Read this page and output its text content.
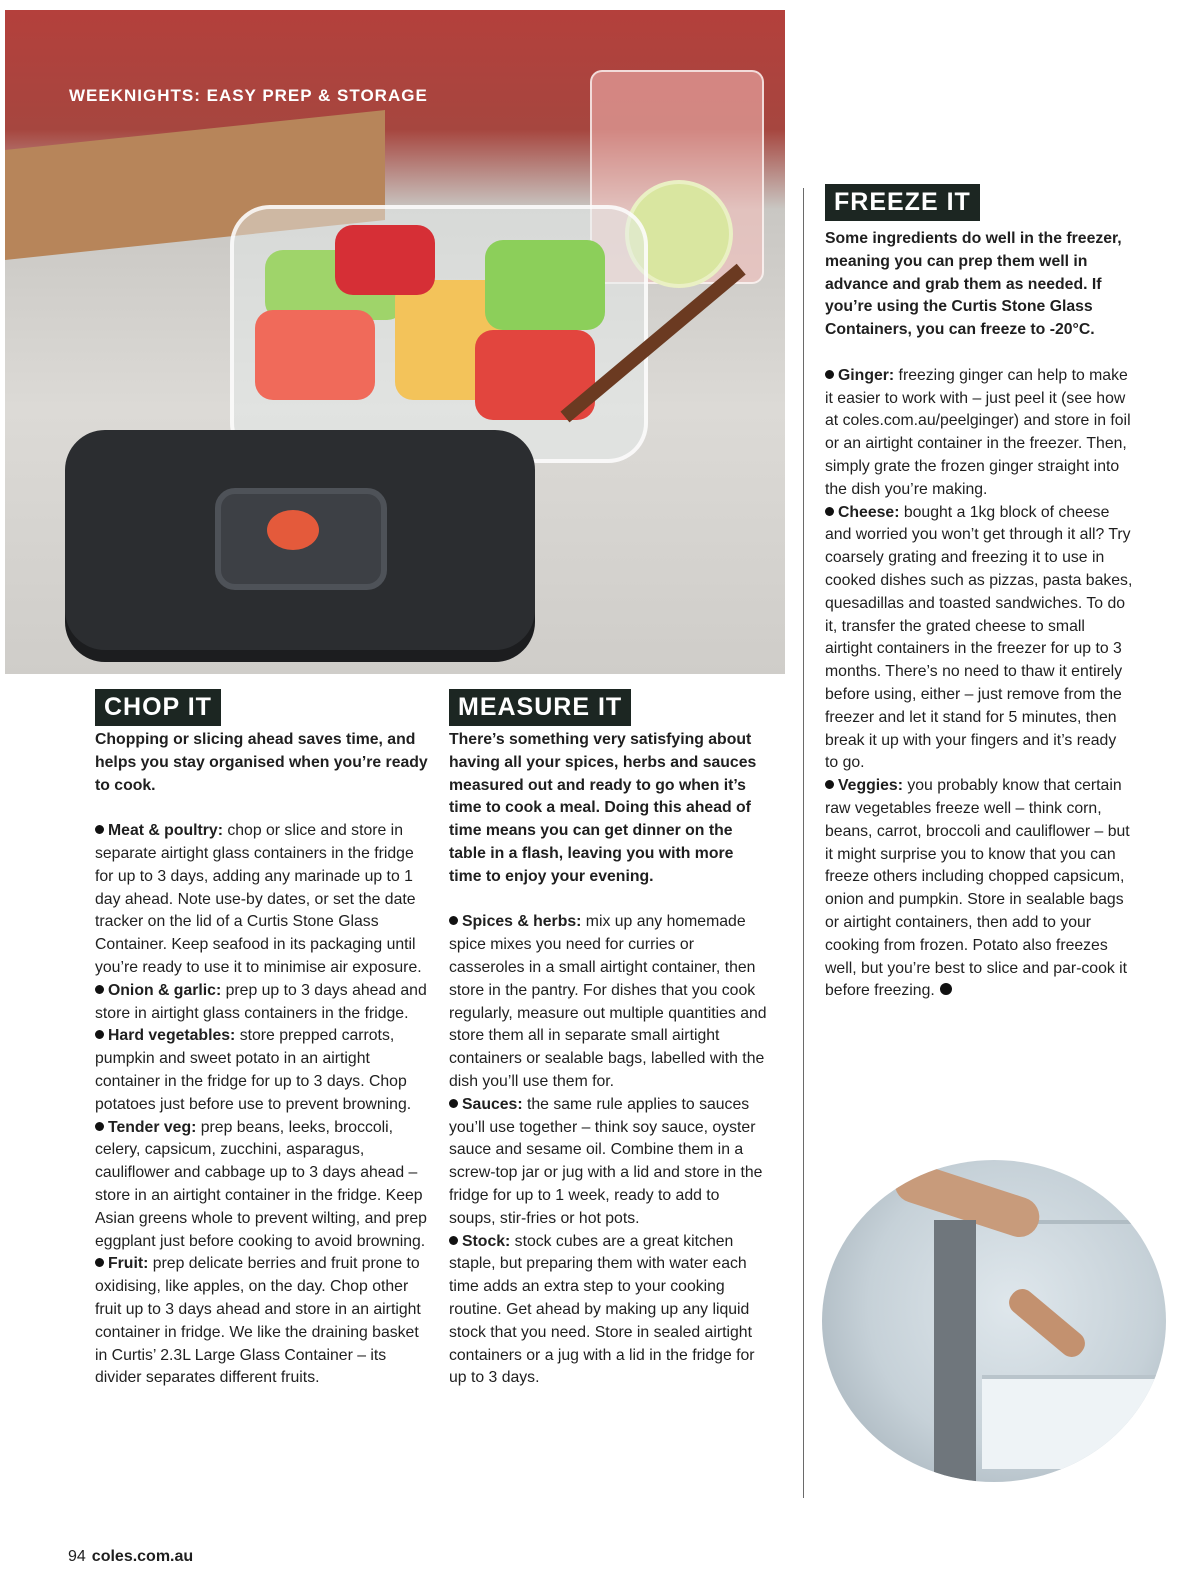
WEEKNIGHTS: EASY PREP & STORAGE

CHOP IT

Chopping or slicing ahead saves time, and helps you stay organised when you’re ready to cook.

Meat & poultry: chop or slice and store in separate airtight glass containers in the fridge for up to 3 days, adding any marinade up to 1 day ahead. Note use-by dates, or set the date tracker on the lid of a Curtis Stone Glass Container. Keep seafood in its packaging until you’re ready to use it to minimise air exposure.

Onion & garlic: prep up to 3 days ahead and store in airtight glass containers in the fridge.

Hard vegetables: store prepped carrots, pumpkin and sweet potato in an airtight container in the fridge for up to 3 days. Chop potatoes just before use to prevent browning.

Tender veg: prep beans, leeks, broccoli, celery, capsicum, zucchini, asparagus, cauliflower and cabbage up to 3 days ahead – store in an airtight container in the fridge. Keep Asian greens whole to prevent wilting, and prep eggplant just before cooking to avoid browning.

Fruit: prep delicate berries and fruit prone to oxidising, like apples, on the day. Chop other fruit up to 3 days ahead and store in an airtight container in fridge. We like the draining basket in Curtis’ 2.3L Large Glass Container – its divider separates different fruits.

MEASURE IT

There’s something very satisfying about having all your spices, herbs and sauces measured out and ready to go when it’s time to cook a meal. Doing this ahead of time means you can get dinner on the table in a flash, leaving you with more time to enjoy your evening.

Spices & herbs: mix up any homemade spice mixes you need for curries or casseroles in a small airtight container, then store in the pantry. For dishes that you cook regularly, measure out multiple quantities and store them all in separate small airtight containers or sealable bags, labelled with the dish you’ll use them for.

Sauces: the same rule applies to sauces you’ll use together – think soy sauce, oyster sauce and sesame oil. Combine them in a screw-top jar or jug with a lid and store in the fridge for up to 1 week, ready to add to soups, stir-fries or hot pots.

Stock: stock cubes are a great kitchen staple, but preparing them with water each time adds an extra step to your cooking routine. Get ahead by making up any liquid stock that you need. Store in sealed airtight containers or a jug with a lid in the fridge for up to 3 days.

FREEZE IT

Some ingredients do well in the freezer, meaning you can prep them well in advance and grab them as needed. If you’re using the Curtis Stone Glass Containers, you can freeze to -20°C.

Ginger: freezing ginger can help to make it easier to work with – just peel it (see how at coles.com.au/peelginger) and store in foil or an airtight container in the freezer. Then, simply grate the frozen ginger straight into the dish you’re making.

Cheese: bought a 1kg block of cheese and worried you won’t get through it all? Try coarsely grating and freezing it to use in cooked dishes such as pizzas, pasta bakes, quesadillas and toasted sandwiches. To do it, transfer the grated cheese to small airtight containers in the freezer for up to 3 months. There’s no need to thaw it entirely before using, either – just remove from the freezer and let it stand for 5 minutes, then break it up with your fingers and it’s ready to go.

Veggies: you probably know that certain raw vegetables freeze well – think corn, beans, carrot, broccoli and cauliflower – but it might surprise you to know that you can freeze others including chopped capsicum, onion and pumpkin. Store in sealable bags or airtight containers, then add to your cooking from frozen. Potato also freezes well, but you’re best to slice and par-cook it before freezing.

94 coles.com.au
